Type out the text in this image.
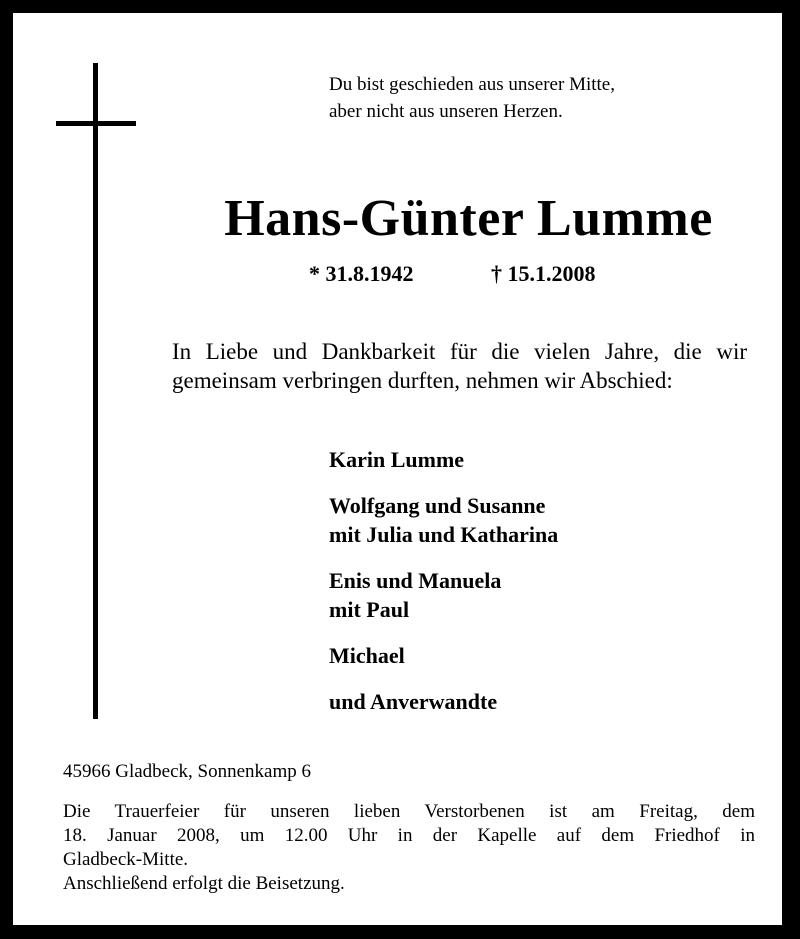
Du bist geschieden aus unserer Mitte,
aber nicht aus unseren Herzen.
Hans-Günter Lumme
* 31.8.1942	† 15.1.2008
In Liebe und Dankbarkeit für die vielen Jahre, die wir gemeinsam verbringen durften, nehmen wir Abschied:
Karin Lumme
Wolfgang und Susanne
mit Julia und Katharina
Enis und Manuela
mit Paul
Michael
und Anverwandte
45966 Gladbeck, Sonnenkamp 6
Die Trauerfeier für unseren lieben Verstorbenen ist am Freitag, dem
18. Januar 2008, um 12.00 Uhr in der Kapelle auf dem Friedhof in
Gladbeck-Mitte.
Anschließend erfolgt die Beisetzung.
